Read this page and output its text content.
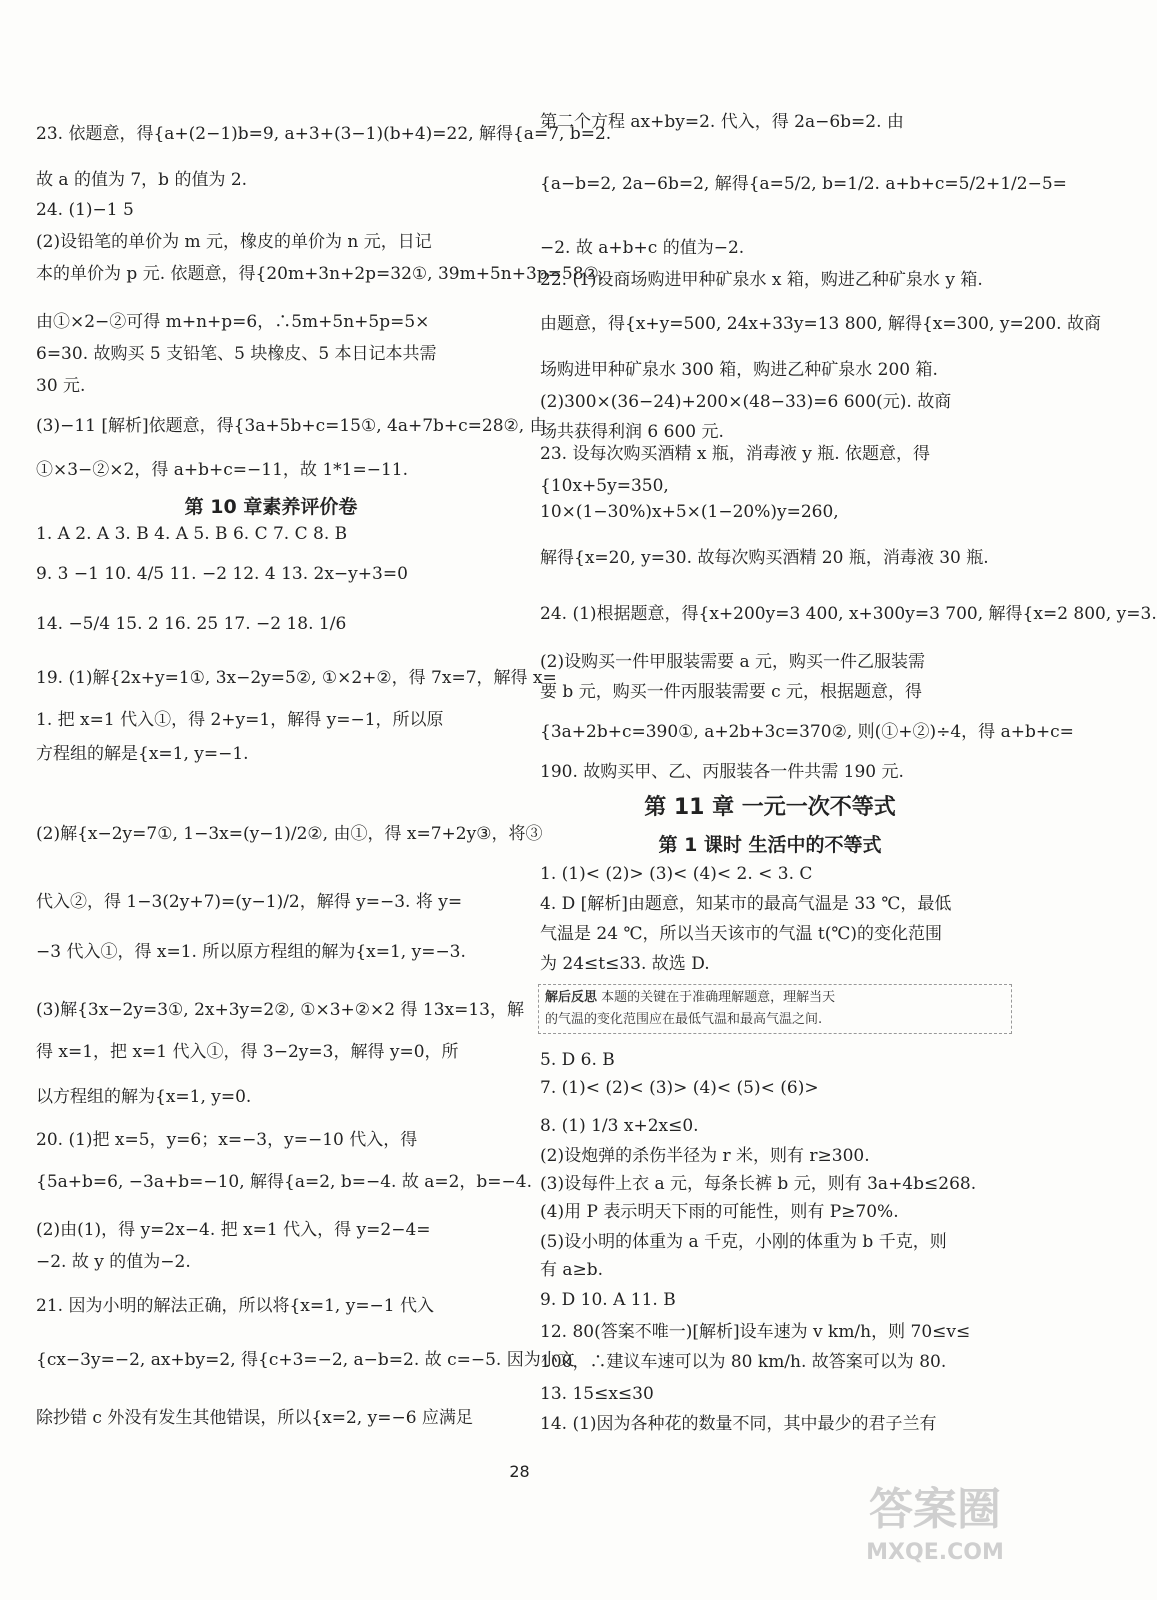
23. 依题意，得{a+(2−1)b=9, a+3+(3−1)(b+4)=22, 解得{a=7, b=2.
故 a 的值为 7，b 的值为 2.
24. (1)−1 5
(2)设铅笔的单价为 m 元，橡皮的单价为 n 元，日记
本的单价为 p 元. 依题意，得{20m+3n+2p=32①, 39m+5n+3p=58②,
由①×2−②可得 m+n+p=6，∴5m+5n+5p=5×
6=30. 故购买 5 支铅笔、5 块橡皮、5 本日记本共需
30 元.
(3)−11 [解析]依题意，得{3a+5b+c=15①, 4a+7b+c=28②, 由
①×3−②×2，得 a+b+c=−11，故 1*1=−11.
第 10 章素养评价卷
1. A 2. A 3. B 4. A 5. B 6. C 7. C 8. B
9. 3 −1 10. 4/5 11. −2 12. 4 13. 2x−y+3=0
14. −5/4 15. 2 16. 25 17. −2 18. 1/6
19. (1)解{2x+y=1①, 3x−2y=5②, ①×2+②，得 7x=7，解得 x=
1. 把 x=1 代入①，得 2+y=1，解得 y=−1，所以原
方程组的解是{x=1, y=−1.
(2)解{x−2y=7①, 1−3x=(y−1)/2②, 由①，得 x=7+2y③，将③
代入②，得 1−3(2y+7)=(y−1)/2，解得 y=−3. 将 y=
−3 代入①，得 x=1. 所以原方程组的解为{x=1, y=−3.
(3)解{3x−2y=3①, 2x+3y=2②, ①×3+②×2 得 13x=13，解
得 x=1，把 x=1 代入①，得 3−2y=3，解得 y=0，所
以方程组的解为{x=1, y=0.
20. (1)把 x=5，y=6；x=−3，y=−10 代入，得
{5a+b=6, −3a+b=−10, 解得{a=2, b=−4. 故 a=2，b=−4.
(2)由(1)，得 y=2x−4. 把 x=1 代入，得 y=2−4=
−2. 故 y 的值为−2.
21. 因为小明的解法正确，所以将{x=1, y=−1 代入
{cx−3y=−2, ax+by=2, 得{c+3=−2, a−b=2. 故 c=−5. 因为小文
除抄错 c 外没有发生其他错误，所以{x=2, y=−6 应满足
第二个方程 ax+by=2. 代入，得 2a−6b=2. 由
{a−b=2, 2a−6b=2, 解得{a=5/2, b=1/2. a+b+c=5/2+1/2−5=
−2. 故 a+b+c 的值为−2.
22. (1)设商场购进甲种矿泉水 x 箱，购进乙种矿泉水 y 箱.
由题意，得{x+y=500, 24x+33y=13 800, 解得{x=300, y=200. 故商
场购进甲种矿泉水 300 箱，购进乙种矿泉水 200 箱.
(2)300×(36−24)+200×(48−33)=6 600(元). 故商
场共获得利润 6 600 元.
23. 设每次购买酒精 x 瓶，消毒液 y 瓶. 依题意，得
{10x+5y=350,
10×(1−30%)x+5×(1−20%)y=260,
解得{x=20, y=30. 故每次购买酒精 20 瓶，消毒液 30 瓶.
24. (1)根据题意，得{x+200y=3 400, x+300y=3 700, 解得{x=2 800, y=3.
(2)设购买一件甲服装需要 a 元，购买一件乙服装需
要 b 元，购买一件丙服装需要 c 元，根据题意，得
{3a+2b+c=390①, a+2b+3c=370②, 则(①+②)÷4，得 a+b+c=
190. 故购买甲、乙、丙服装各一件共需 190 元.
第 11 章 一元一次不等式
第 1 课时 生活中的不等式
1. (1)< (2)> (3)< (4)< 2. < 3. C
4. D [解析]由题意，知某市的最高气温是 33 ℃，最低
气温是 24 ℃，所以当天该市的气温 t(℃)的变化范围
为 24≤t≤33. 故选 D.
解后反思 本题的关键在于准确理解题意，理解当天
的气温的变化范围应在最低气温和最高气温之间.
5. D 6. B
7. (1)< (2)< (3)> (4)< (5)< (6)>
8. (1) 1/3 x+2x≤0.
(2)设炮弹的杀伤半径为 r 米，则有 r≥300.
(3)设每件上衣 a 元，每条长裤 b 元，则有 3a+4b≤268.
(4)用 P 表示明天下雨的可能性，则有 P≥70%.
(5)设小明的体重为 a 千克，小刚的体重为 b 千克，则
有 a≥b.
9. D 10. A 11. B
12. 80(答案不唯一)[解析]设车速为 v km/h，则 70≤v≤
100，∴建议车速可以为 80 km/h. 故答案可以为 80.
13. 15≤x≤30
14. (1)因为各种花的数量不同，其中最少的君子兰有
28
答案圈
MXQE.COM
